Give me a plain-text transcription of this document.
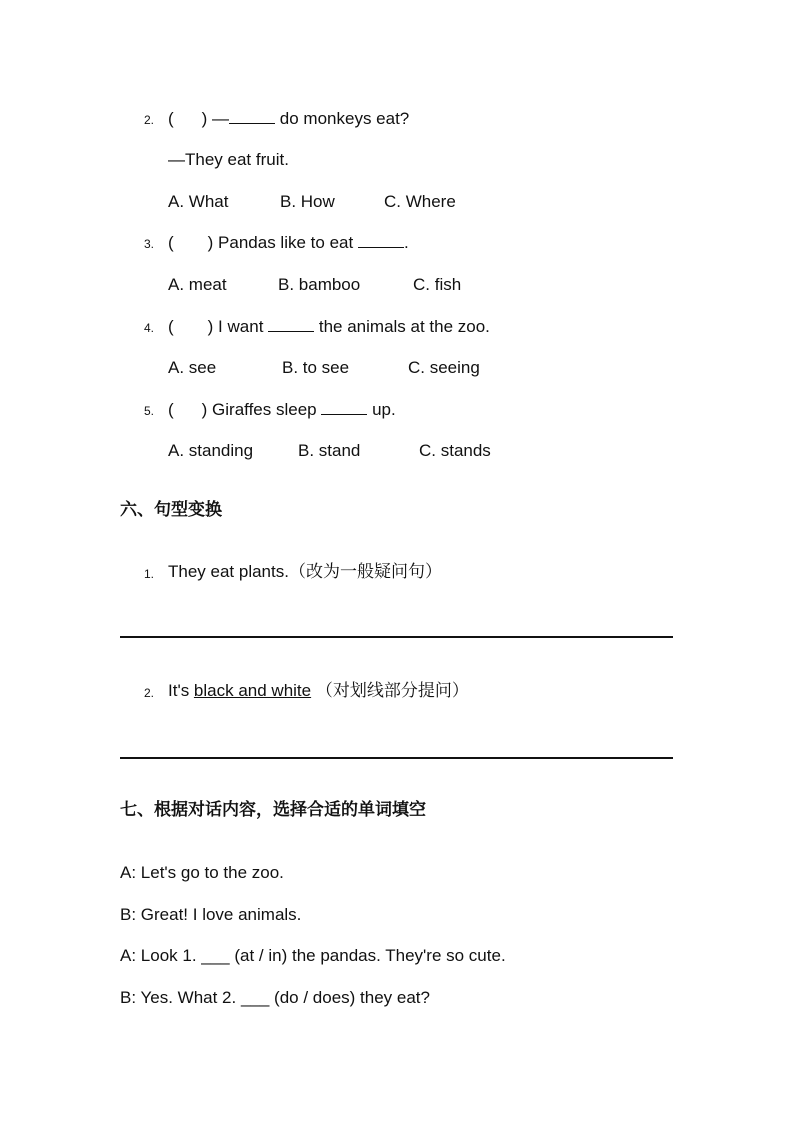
2. ( ) —	do monkeys eat?
—They eat fruit.
A. What	B. How	C. Where
3. ( ) Pandas like to eat	.
A. meat	B. bamboo	C. fish
4. ( ) I want	the animals at the zoo.
A. see	B. to see	C. seeing
5. ( ) Giraffes sleep	up.
A. standing	B. stand	C. stands
六、句型变换
1. They eat plants.（改为一般疑问句）
2. It's black and white （对划线部分提问）
七、根据对话内容，选择合适的单词填空
A: Let's go to the zoo.
B: Great! I love animals.
A: Look 1. ___ (at / in) the pandas. They're so cute.
B: Yes. What 2. ___ (do / does) they eat?
